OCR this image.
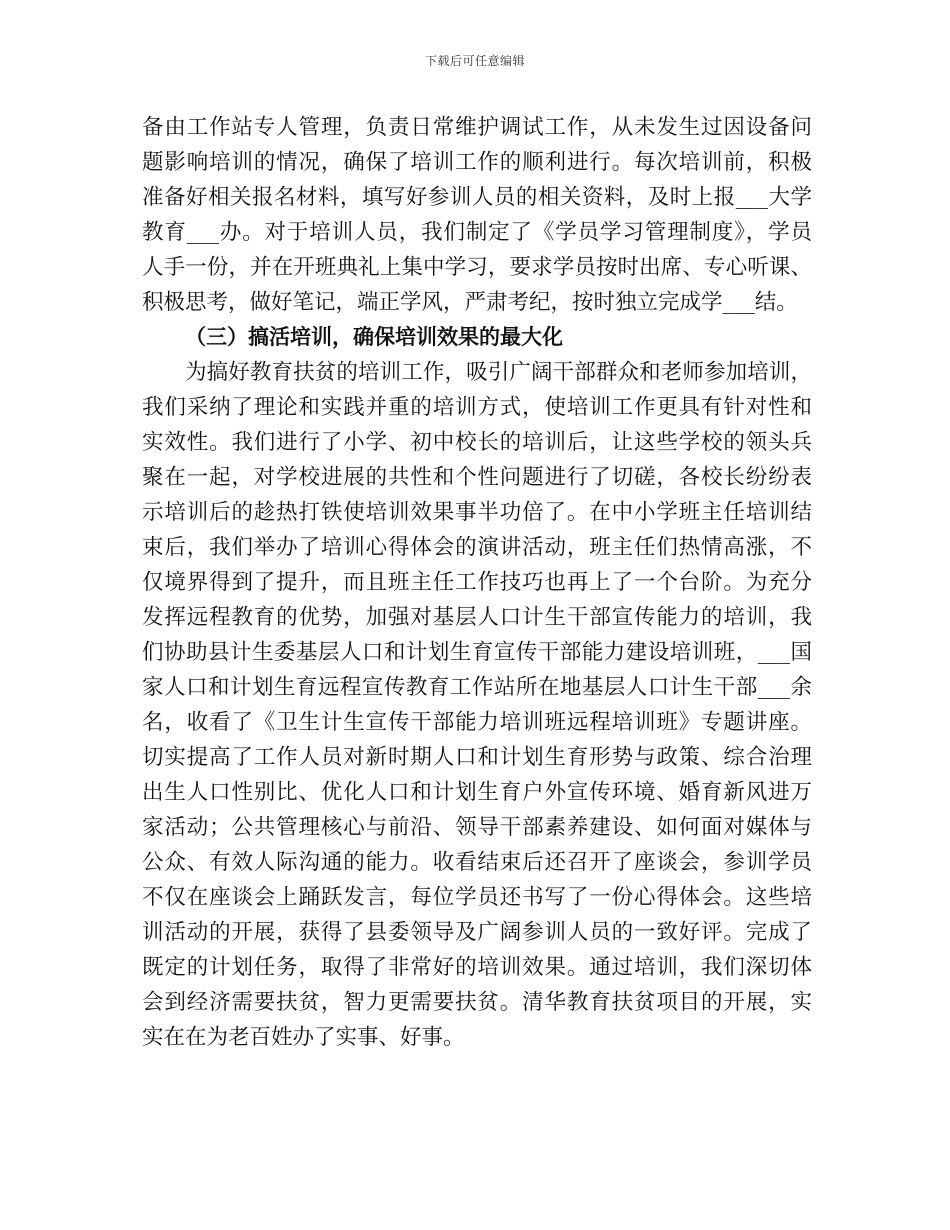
下载后可任意编辑

备由工作站专人管理，负责日常维护调试工作，从未发生过因设备问

题影响培训的情况，确保了培训工作的顺利进行。每次培训前，积极

准备好相关报名材料，填写好参训人员的相关资料，及时上报___大学

教育___办。对于培训人员，我们制定了《学员学习管理制度》，学员

人手一份，并在开班典礼上集中学习，要求学员按时出席、专心听课、

积极思考，做好笔记，端正学风，严肃考纪，按时独立完成学___结。

（三）搞活培训，确保培训效果的最大化

为搞好教育扶贫的培训工作，吸引广阔干部群众和老师参加培训，

我们采纳了理论和实践并重的培训方式，使培训工作更具有针对性和

实效性。我们进行了小学、初中校长的培训后，让这些学校的领头兵

聚在一起，对学校进展的共性和个性问题进行了切磋，各校长纷纷表

示培训后的趁热打铁使培训效果事半功倍了。在中小学班主任培训结

束后，我们举办了培训心得体会的演讲活动，班主任们热情高涨，不

仅境界得到了提升，而且班主任工作技巧也再上了一个台阶。为充分

发挥远程教育的优势，加强对基层人口计生干部宣传能力的培训，我

们协助县计生委基层人口和计划生育宣传干部能力建设培训班，___国

家人口和计划生育远程宣传教育工作站所在地基层人口计生干部___余

名，收看了《卫生计生宣传干部能力培训班远程培训班》专题讲座。

切实提高了工作人员对新时期人口和计划生育形势与政策、综合治理

出生人口性别比、优化人口和计划生育户外宣传环境、婚育新风进万

家活动；公共管理核心与前沿、领导干部素养建设、如何面对媒体与

公众、有效人际沟通的能力。收看结束后还召开了座谈会，参训学员

不仅在座谈会上踊跃发言，每位学员还书写了一份心得体会。这些培

训活动的开展，获得了县委领导及广阔参训人员的一致好评。完成了

既定的计划任务，取得了非常好的培训效果。通过培训，我们深切体

会到经济需要扶贫，智力更需要扶贫。清华教育扶贫项目的开展，实

实在在为老百姓办了实事、好事。
